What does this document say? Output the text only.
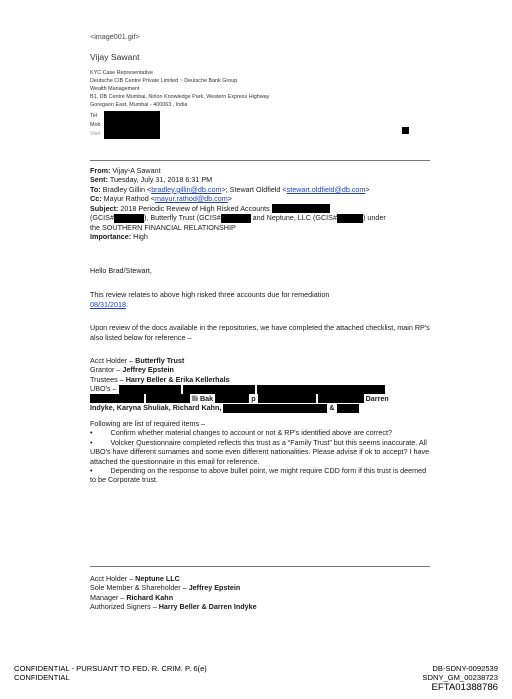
<image001.gif>
Vijay Sawant
KYC Case Representative
Deutsche CIB Centre Private Limited ~ Deutsche Bank Group
Wealth Management
B1, DB Centre Mumbai, Nirlon Knowledge Park, Western Express Highway
Goregaon East, Mumbai - 400063 , India
Tel
Mob
Visit

From: Vijay-A Sawant

Sent: Tuesday, July 31, 2018 6:31 PM

To: Bradley Gillin <bradley.gillin@db.com>; Stewart Oldfield <stewart.oldfield@db.com>

Cc: Mayur Rathod <mayur.rathod@db.com>

Subject: 2018 Periodic Review of High Risked Accounts

(GCIS#	), Butterfly Trust (GCIS#	and Neptune, LLC (GCIS#	) under

the SOUTHERN FINANCIAL RELATIONSHIP

Importance: High

Hello Brad/Stewart,

This review relates to above high risked three accounts due for remediation
08/31/2018.

Upon review of the docs available in the repositories, we have completed the attached checklist, main RP's also listed below for reference –

Acct Holder – Butterfly Trust

Grantor – Jeffrey Epstein

Trustees – Harry Beller & Erika Kellerhals

UBO's –

lli Bak	p	Darren

Indyke, Karyna Shuliak, Richard Kahn,	&

Following are list of required items –

• Confirm whether material changes to account or not & RP's identified above are correct?

• Volcker Questionnaire completed reflects this trust as a “Family Trust” but this seems inaccurate. All UBO's have different surnames and some even different nationalities. Please advise if ok to accept? I have attached the questionnaire in this email for reference.

• Depending on the response to above bullet point, we might require CDD form if this trust is deemed to be Corporate trust.

Acct Holder – Neptune LLC

Sole Member & Shareholder – Jeffrey Epstein

Manager – Richard Kahn

Authorized Signers – Harry Beller & Darren Indyke

CONFIDENTIAL - PURSUANT TO FED. R. CRIM. P. 6(e)
CONFIDENTIAL
DB-SDNY-0092539
SDNY_GM_00238723
EFTA01388786
